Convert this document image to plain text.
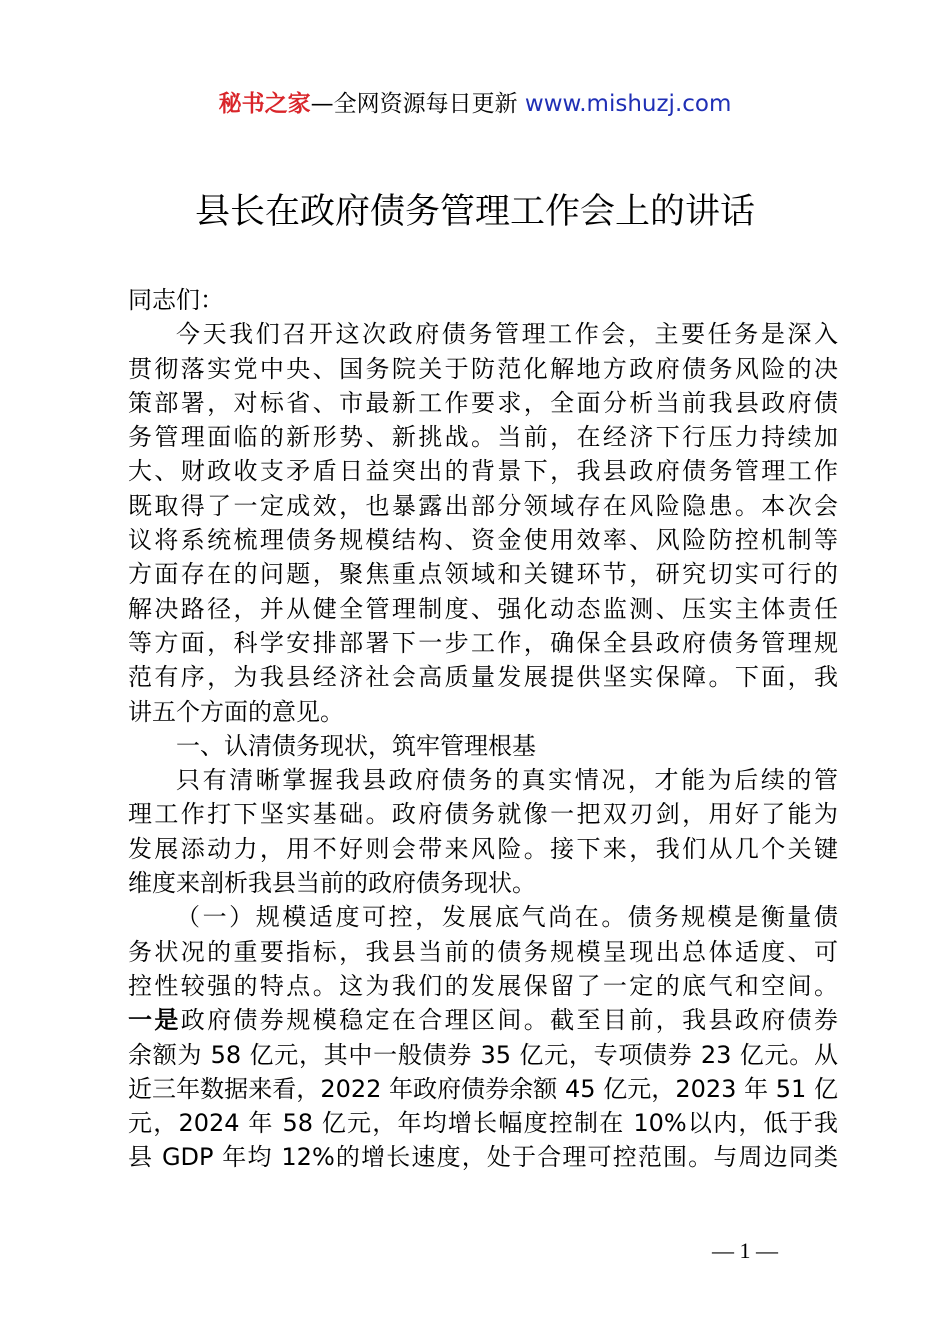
秘书之家—全网资源每日更新 www.mishuzj.com
县长在政府债务管理工作会上的讲话
同志们：
今天我们召开这次政府债务管理工作会，主要任务是深入
贯彻落实党中央、国务院关于防范化解地方政府债务风险的决
策部署，对标省、市最新工作要求，全面分析当前我县政府债
务管理面临的新形势、新挑战。当前，在经济下行压力持续加
大、财政收支矛盾日益突出的背景下，我县政府债务管理工作
既取得了一定成效，也暴露出部分领域存在风险隐患。本次会
议将系统梳理债务规模结构、资金使用效率、风险防控机制等
方面存在的问题，聚焦重点领域和关键环节，研究切实可行的
解决路径，并从健全管理制度、强化动态监测、压实主体责任
等方面，科学安排部署下一步工作，确保全县政府债务管理规
范有序，为我县经济社会高质量发展提供坚实保障。下面，我
讲五个方面的意见。
一、认清债务现状，筑牢管理根基
只有清晰掌握我县政府债务的真实情况，才能为后续的管
理工作打下坚实基础。政府债务就像一把双刃剑，用好了能为
发展添动力，用不好则会带来风险。接下来，我们从几个关键
维度来剖析我县当前的政府债务现状。
（一）规模适度可控，发展底气尚在。债务规模是衡量债
务状况的重要指标，我县当前的债务规模呈现出总体适度、可
控性较强的特点。这为我们的发展保留了一定的底气和空间。
一是政府债券规模稳定在合理区间。截至目前，我县政府债券
余额为 58 亿元，其中一般债券 35 亿元，专项债券 23 亿元。从
近三年数据来看，2022 年政府债券余额 45 亿元，2023 年 51 亿
元，2024 年 58 亿元，年均增长幅度控制在 10%以内，低于我
县 GDP 年均 12%的增长速度，处于合理可控范围。与周边同类
— 1 —
